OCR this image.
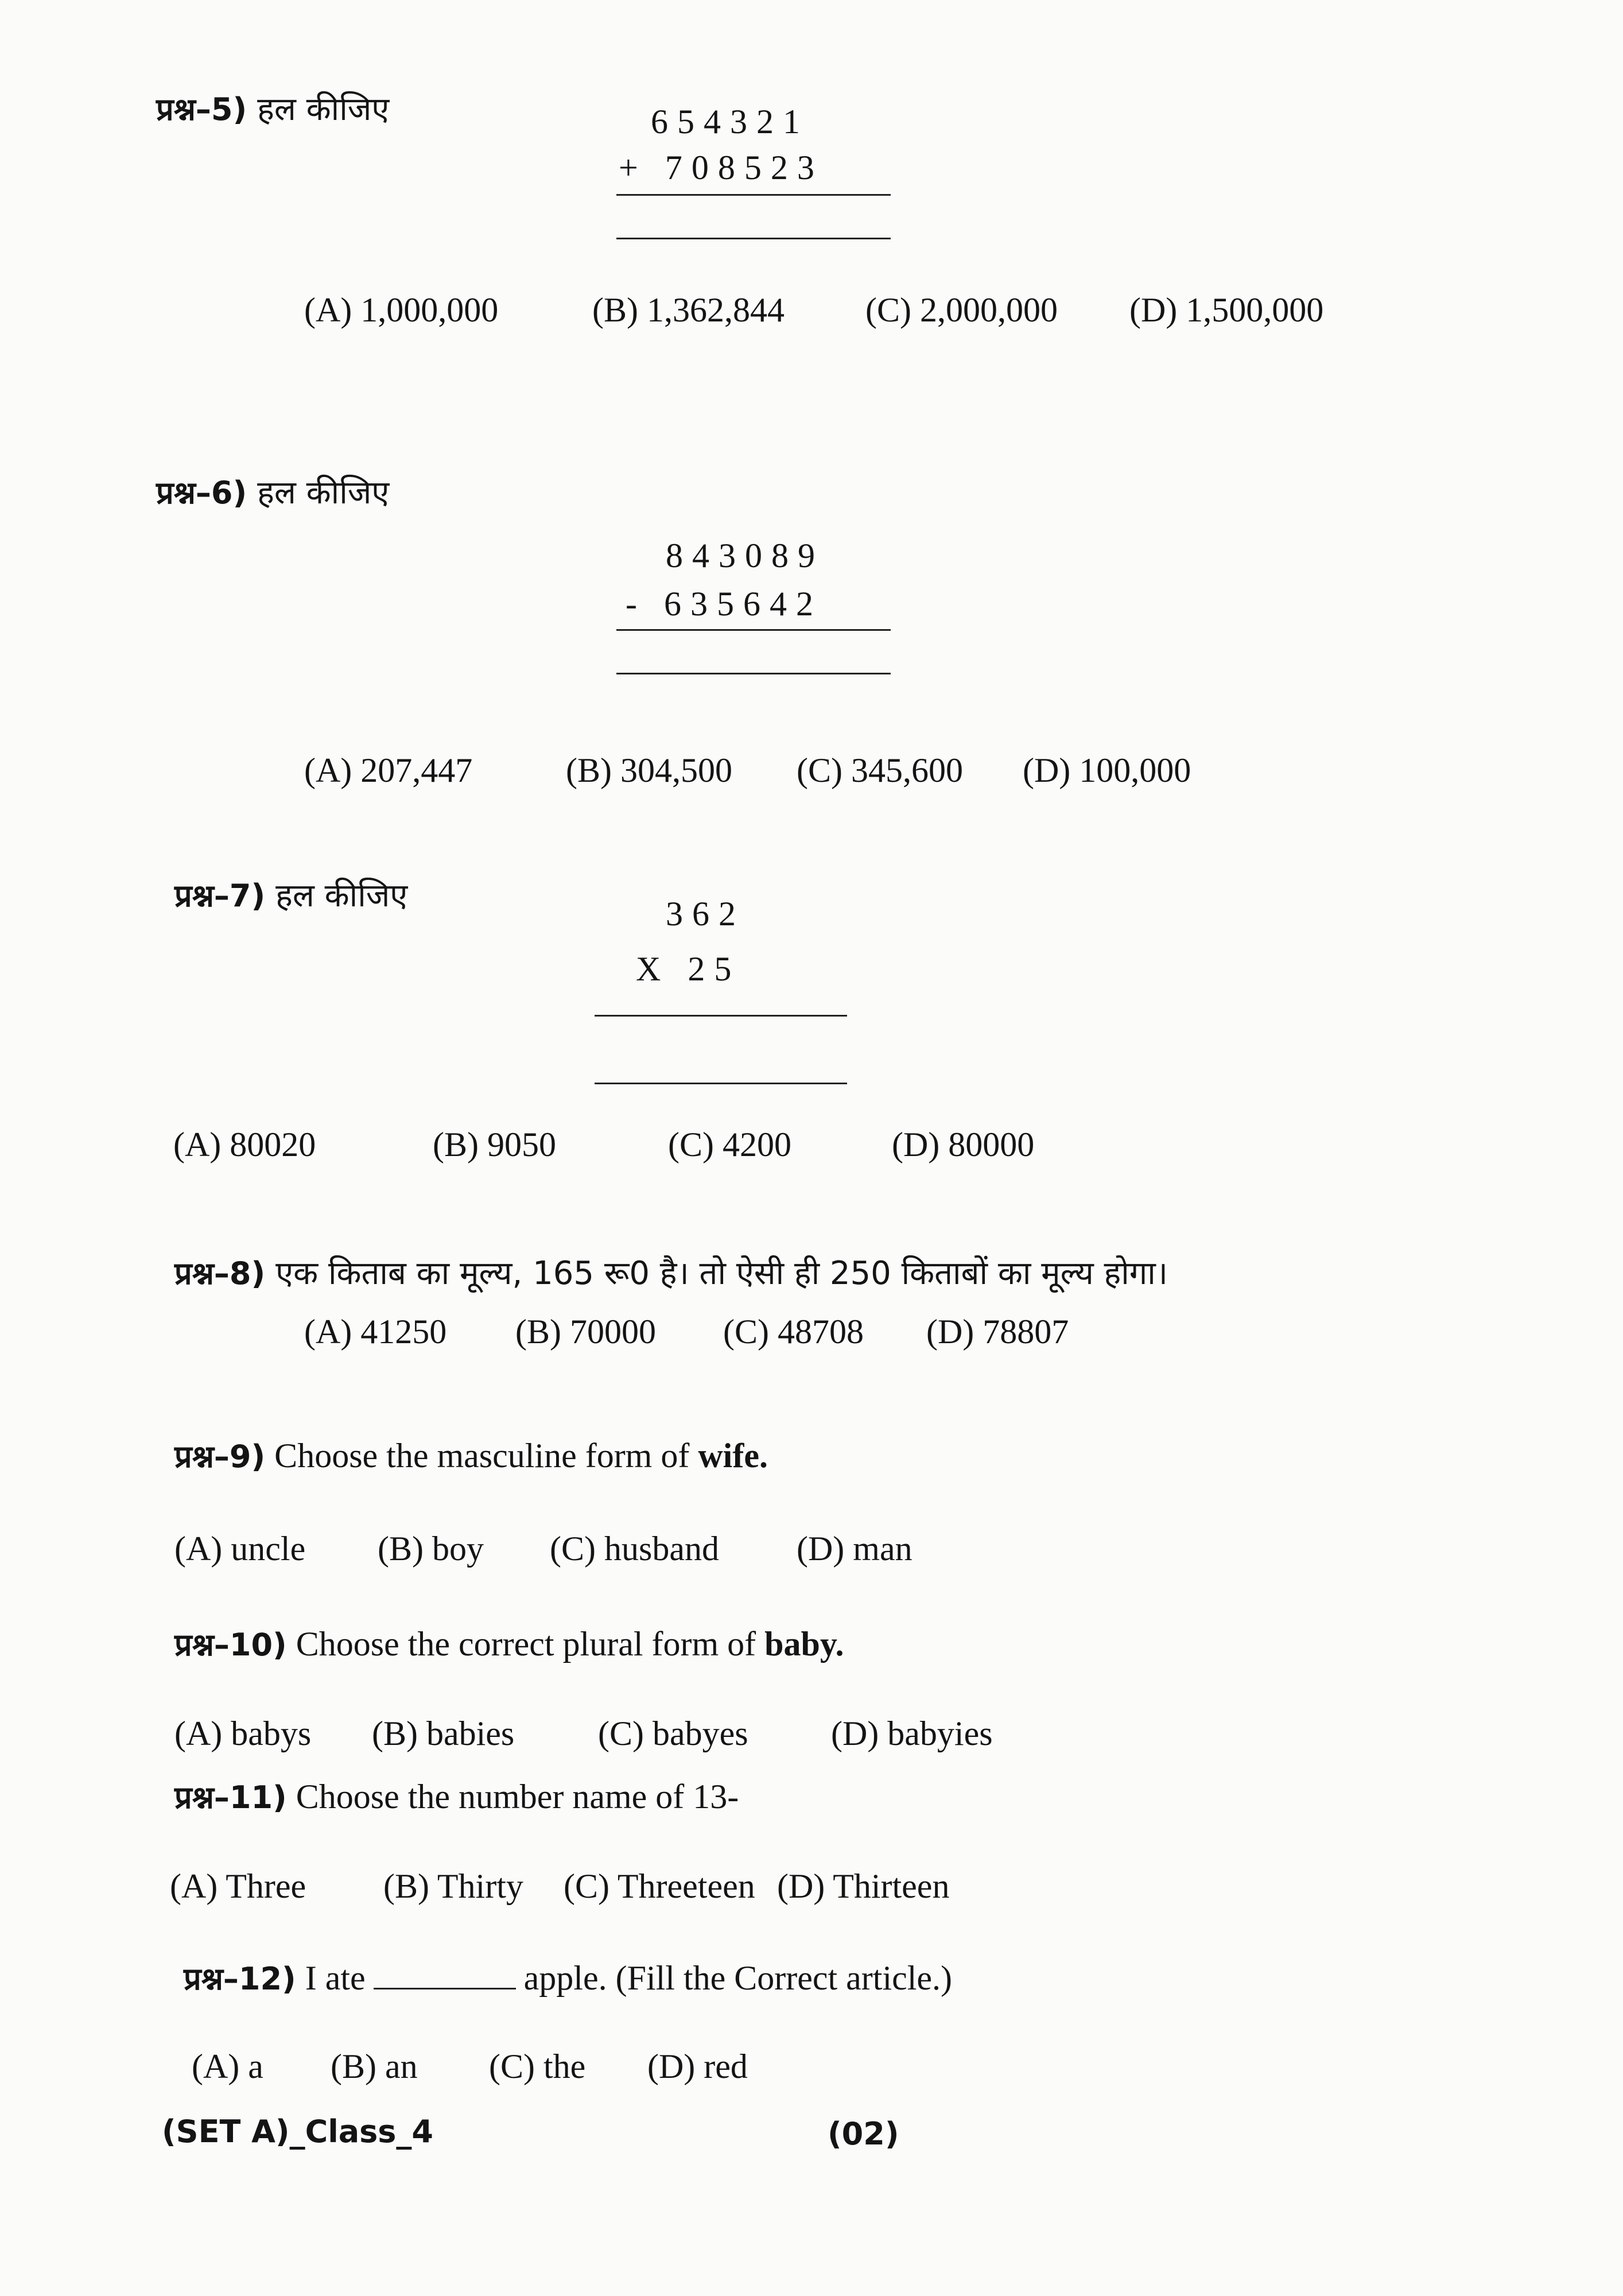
प्रश्न–5) हल कीजिए	654321
+ 708523
(A) 1,000,000	(B) 1,362,844 (C) 2,000,000 (D) 1,500,000
प्रश्न–6) हल कीजिए
843089
- 635642
(A) 207,447	(B) 304,500 (C) 345,600 (D) 100,000
प्रश्न–7) हल कीजिए	362
X 25
(A) 80020	(B) 9050	(C) 4200	(D) 80000
प्रश्न–8) एक किताब का मूल्य, 165 रू0 है। तो ऐसी ही 250 किताबों का मूल्य होगा।
(A) 41250 (B) 70000 (C) 48708 (D) 78807
प्रश्न–9) Choose the masculine form of wife.
(A) uncle (B) boy (C) husband (D) man
प्रश्न–10) Choose the correct plural form of baby.
(A) babys (B) babies (C) babyes (D) babyies
प्रश्न–11) Choose the number name of 13-
(A) Three (B) Thirty (C) Threeteen (D) Thirteen
प्रश्न–12) I ate	apple. (Fill the Correct article.)
(A) a (B) an (C) the (D) red
(SET A)_Class_4	(02)
